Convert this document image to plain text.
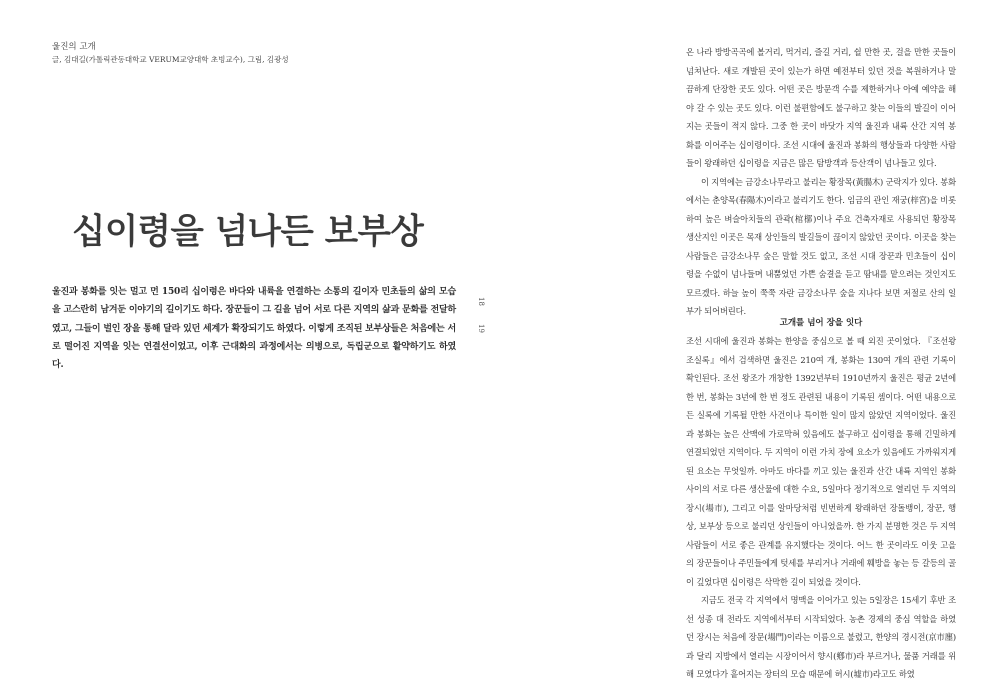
울진의 고개
글, 김대길(가톨릭관동대학교 VERUM교양대학 초빙교수), 그림, 김광성
십이령을 넘나든 보부상

울진과 봉화를 잇는 멀고 먼 150리 십이령은 바다와 내륙을 연결하는 소통의 길이자 민초들의 삶의 모습을 고스란히 남겨둔 이야기의 길이기도 하다. 장꾼들이 그 길을 넘어 서로 다른 지역의 삶과 문화를 전달하였고, 그들이 벌인 장을 통해 달라 있던 세계가 확장되기도 하였다. 이렇게 조직된 보부상들은 처음에는 서로 떨어진 지역을 잇는 연결선이었고, 이후 근대화의 과정에서는 의병으로, 독립군으로 활약하기도 하였다.

18
19

온 나라 방방곡곡에 볼거리, 먹거리, 즐길 거리, 쉴 만한 곳, 걸을 만한 곳들이 넘쳐난다. 새로 개발된 곳이 있는가 하면 예전부터 있던 것을 복원하거나 말끔하게 단장한 곳도 있다. 어떤 곳은 방문객 수를 제한하거나 아예 예약을 해야 갈 수 있는 곳도 있다. 이런 불편함에도 불구하고 찾는 이들의 발길이 이어지는 곳들이 적지 않다. 그중 한 곳이 바닷가 지역 울진과 내륙 산간 지역 봉화를 이어주는 십이령이다. 조선 시대에 울진과 봉화의 행상들과 다양한 사람들이 왕래하던 십이령을 지금은 많은 탐방객과 등산객이 넘나들고 있다.

이 지역에는 금강소나무라고 불리는 황장목(黃腸木) 군락지가 있다. 봉화에서는 춘양목(春陽木)이라고 불리기도 한다. 임금의 관인 재궁(梓宮)을 비롯하여 높은 벼슬아치들의 관곽(棺槨)이나 주요 건축자재로 사용되던 황장목 생산지인 이곳은 목재 상인들의 발길들이 끊이지 않았던 곳이다. 이곳을 찾는 사람들은 금강소나무 숲은 말할 것도 없고, 조선 시대 장꾼과 민초들이 십이령을 수없이 넘나들며 내뿜었던 가쁜 숨결을 듣고 땀내를 맡으려는 것인지도 모르겠다. 하늘 높이 쭉쭉 자란 금강소나무 숲을 지나다 보면 저절로 산의 일부가 되어버린다.

고개를 넘어 장을 잇다

조선 시대에 울진과 봉화는 한양을 중심으로 볼 때 외진 곳이었다. 『조선왕조실록』에서 검색하면 울진은 210여 개, 봉화는 130여 개의 관련 기록이 확인된다. 조선 왕조가 개창한 1392년부터 1910년까지 울진은 평균 2년에 한 번, 봉화는 3년에 한 번 정도 관련된 내용이 기록된 셈이다. 어떤 내용으로든 실록에 기록될 만한 사건이나 특이한 일이 많지 않았던 지역이었다. 울진과 봉화는 높은 산맥에 가로막혀 있음에도 불구하고 십이령을 통해 긴밀하게 연결되었던 지역이다. 두 지역이 이런 가치 장에 요소가 있음에도 가까워지게 된 요소는 무엇일까. 아마도 바다를 끼고 있는 울진과 산간 내륙 지역인 봉화 사이의 서로 다른 생산물에 대한 수요, 5일마다 정기적으로 열리던 두 지역의 장시(場市), 그리고 이를 알마당처럼 빈번하게 왕래하던 장돌뱅이, 장꾼, 행상, 보부상 등으로 불리던 상인들이 아니었을까. 한 가지 분명한 것은 두 지역 사람들이 서로 좋은 관계를 유지했다는 것이다. 어느 한 곳이라도 이웃 고을의 장꾼들이나 주민들에게 텃세를 부리거나 거래에 훼방을 놓는 등 갈등의 골이 깊었다면 십이령은 삭막한 길이 되었을 것이다.

지금도 전국 각 지역에서 명맥을 이어가고 있는 5일장은 15세기 후반 조선 성종 대 전라도 지역에서부터 시작되었다. 농촌 경제의 중심 역할을 하였던 장시는 처음에 장문(場門)이라는 이름으로 불렸고, 한양의 경시전(京市廛)과 달리 지방에서 열리는 시장이어서 향시(鄕市)라 부르거나, 물품 거래를 위해 모였다가 흩어지는 장터의 모습 때문에 허시(墟市)라고도 하였
